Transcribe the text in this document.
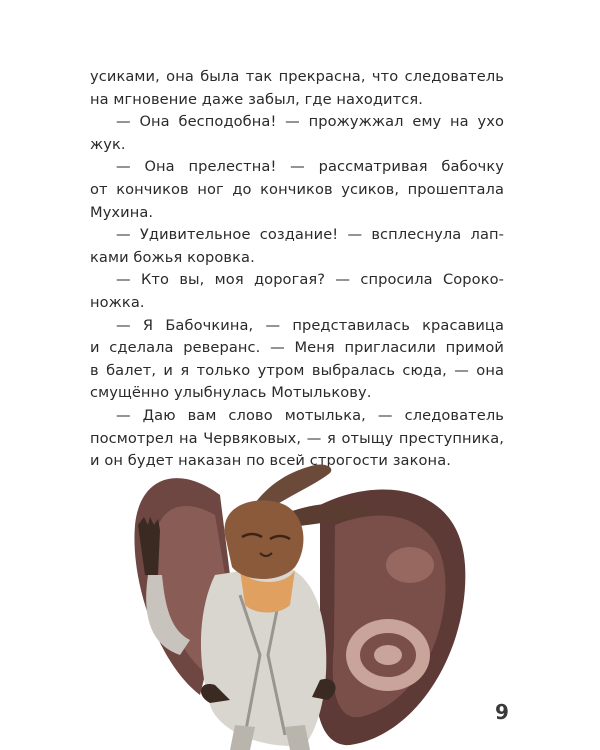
усиками, она была так прекрасна, что следователь
на мгновение даже забыл, где находится.

— Она бесподобна! — прожужжал ему на ухо
жук.

— Она прелестна! — рассматривая бабочку
от кончиков ног до кончиков усиков, прошептала
Мухина.

— Удивительное создание! — всплеснула лап-
ками божья коровка.

— Кто вы, моя дорогая? — спросила Сороко-
ножка.

— Я Бабочкина, — представилась красавица
и сделала реверанс. — Меня пригласили примой
в балет, и я только утром выбралась сюда, — она
смущённо улыбнулась Мотылькову.

— Даю вам слово мотылька, — следователь
посмотрел на Червяковых, — я отыщу преступника,
и он будет наказан по всей строгости закона.

9
